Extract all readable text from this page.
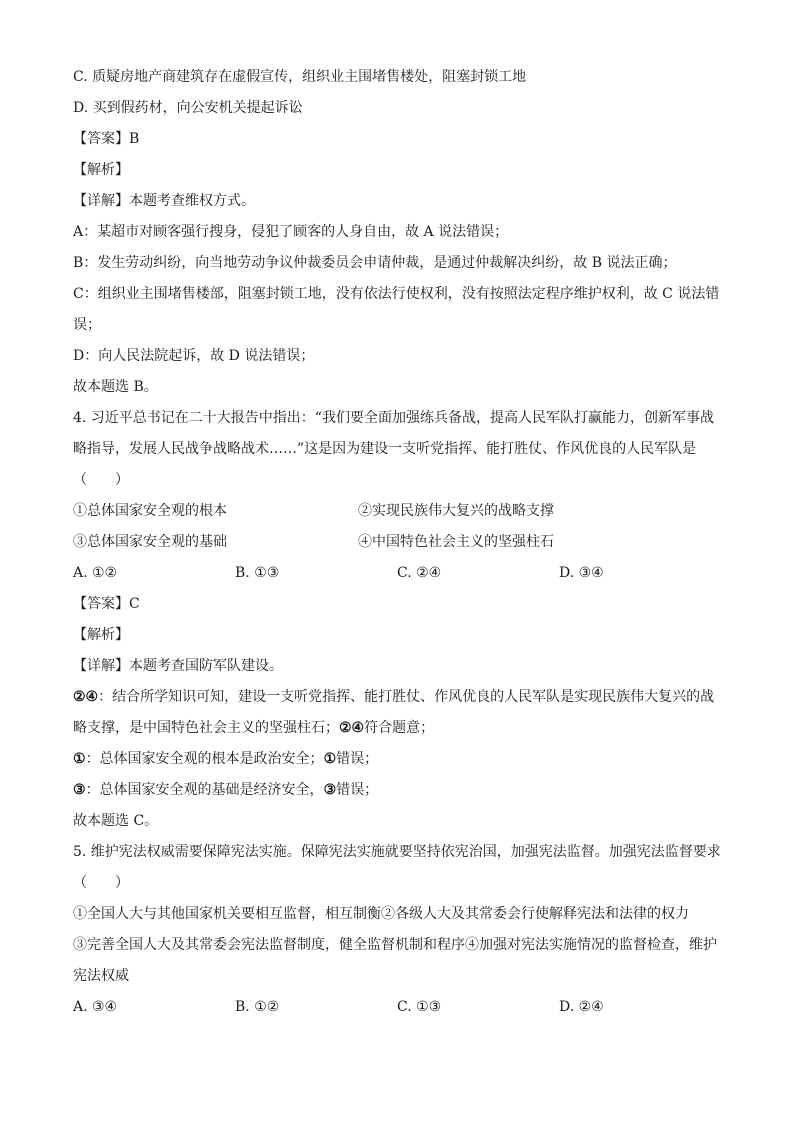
C. 质疑房地产商建筑存在虚假宣传，组织业主围堵售楼处，阻塞封锁工地
D. 买到假药材，向公安机关提起诉讼
【答案】B
【解析】
【详解】本题考查维权方式。
A：某超市对顾客强行搜身，侵犯了顾客的人身自由，故 A 说法错误；
B：发生劳动纠纷，向当地劳动争议仲裁委员会申请仲裁，是通过仲裁解决纠纷，故 B 说法正确；
C：组织业主围堵售楼部，阻塞封锁工地，没有依法行使权利，没有按照法定程序维护权利，故 C 说法错
误；
D：向人民法院起诉，故 D 说法错误；
故本题选 B。
4. 习近平总书记在二十大报告中指出：“我们要全面加强练兵备战，提高人民军队打赢能力，创新军事战
略指导，发展人民战争战略战术……”这是因为建设一支听党指挥、能打胜仗、作风优良的人民军队是
（　　）
①总体国家安全观的根本	②实现民族伟大复兴的战略支撑
③总体国家安全观的基础	④中国特色社会主义的坚强柱石
A. ①②	B. ①③	C. ②④	D. ③④
【答案】C
【解析】
【详解】本题考查国防军队建设。
②④：结合所学知识可知，建设一支听党指挥、能打胜仗、作风优良的人民军队是实现民族伟大复兴的战
略支撑，是中国特色社会主义的坚强柱石；②④符合题意；
①：总体国家安全观的根本是政治安全；①错误；
③：总体国家安全观的基础是经济安全，③错误；
故本题选 C。
5. 维护宪法权威需要保障宪法实施。保障宪法实施就要坚持依宪治国，加强宪法监督。加强宪法监督要求
（　　）
①全国人大与其他国家机关要相互监督，相互制衡②各级人大及其常委会行使解释宪法和法律的权力
③完善全国人大及其常委会宪法监督制度，健全监督机制和程序④加强对宪法实施情况的监督检查，维护
宪法权威
A. ③④	B. ①②	C. ①③	D. ②④
